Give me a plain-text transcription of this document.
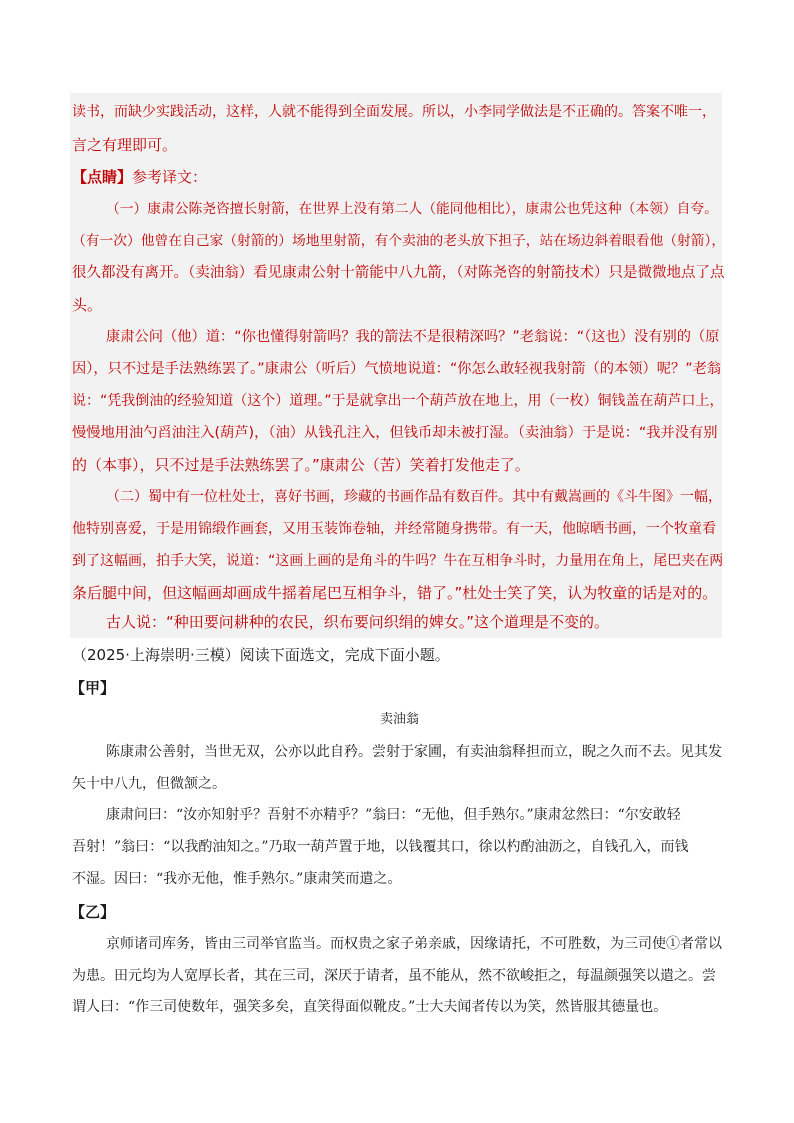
读书，而缺少实践活动，这样，人就不能得到全面发展。所以，小李同学做法是不正确的。答案不唯一，
言之有理即可。
【点睛】参考译文：
（一）康肃公陈尧咨擅长射箭，在世界上没有第二人（能同他相比），康肃公也凭这种（本领）自夸。
（有一次）他曾在自己家（射箭的）场地里射箭，有个卖油的老头放下担子，站在场边斜着眼看他（射箭），
很久都没有离开。（卖油翁）看见康肃公射十箭能中八九箭，（对陈尧咨的射箭技术）只是微微地点了点
头。
康肃公问（他）道：“你也懂得射箭吗？我的箭法不是很精深吗？”老翁说：“（这也）没有别的（原
因），只不过是手法熟练罢了。”康肃公（听后）气愤地说道：“你怎么敢轻视我射箭（的本领）呢？”老翁
说：“凭我倒油的经验知道（这个）道理。”于是就拿出一个葫芦放在地上，用（一枚）铜钱盖在葫芦口上，
慢慢地用油勺舀油注入(葫芦)，（油）从钱孔注入，但钱币却未被打湿。（卖油翁）于是说：“我并没有别
的（本事），只不过是手法熟练罢了。”康肃公（苦）笑着打发他走了。
（二）蜀中有一位杜处士，喜好书画，珍藏的书画作品有数百件。其中有戴嵩画的《斗牛图》一幅，
他特别喜爱，于是用锦缎作画套，又用玉装饰卷轴，并经常随身携带。有一天，他晾晒书画，一个牧童看
到了这幅画，拍手大笑，说道：“这画上画的是角斗的牛吗？牛在互相争斗时，力量用在角上，尾巴夹在两
条后腿中间，但这幅画却画成牛摇着尾巴互相争斗，错了。”杜处士笑了笑，认为牧童的话是对的。
古人说：“种田要问耕种的农民，织布要问织绢的婢女。”这个道理是不变的。
（2025·上海崇明·三模）阅读下面选文，完成下面小题。
【甲】
卖油翁
陈康肃公善射，当世无双，公亦以此自矜。尝射于家圃，有卖油翁释担而立，睨之久而不去。见其发
矢十中八九，但微颔之。
康肃问曰：“汝亦知射乎？吾射不亦精乎？”翁曰：“无他，但手熟尔。”康肃忿然曰：“尔安敢轻
吾射！”翁曰：“以我酌油知之。”乃取一葫芦置于地，以钱覆其口，徐以杓酌油沥之，自钱孔入，而钱
不湿。因曰：“我亦无他，惟手熟尔。”康肃笑而遣之。
【乙】
京师诸司库务，皆由三司举官监当。而权贵之家子弟亲戚，因缘请托，不可胜数，为三司使①者常以
为患。田元均为人宽厚长者，其在三司，深厌于请者，虽不能从，然不欲峻拒之，每温颜强笑以遣之。尝
谓人曰：“作三司使数年，强笑多矣，直笑得面似靴皮。”士大夫闻者传以为笑，然皆服其德量也。
